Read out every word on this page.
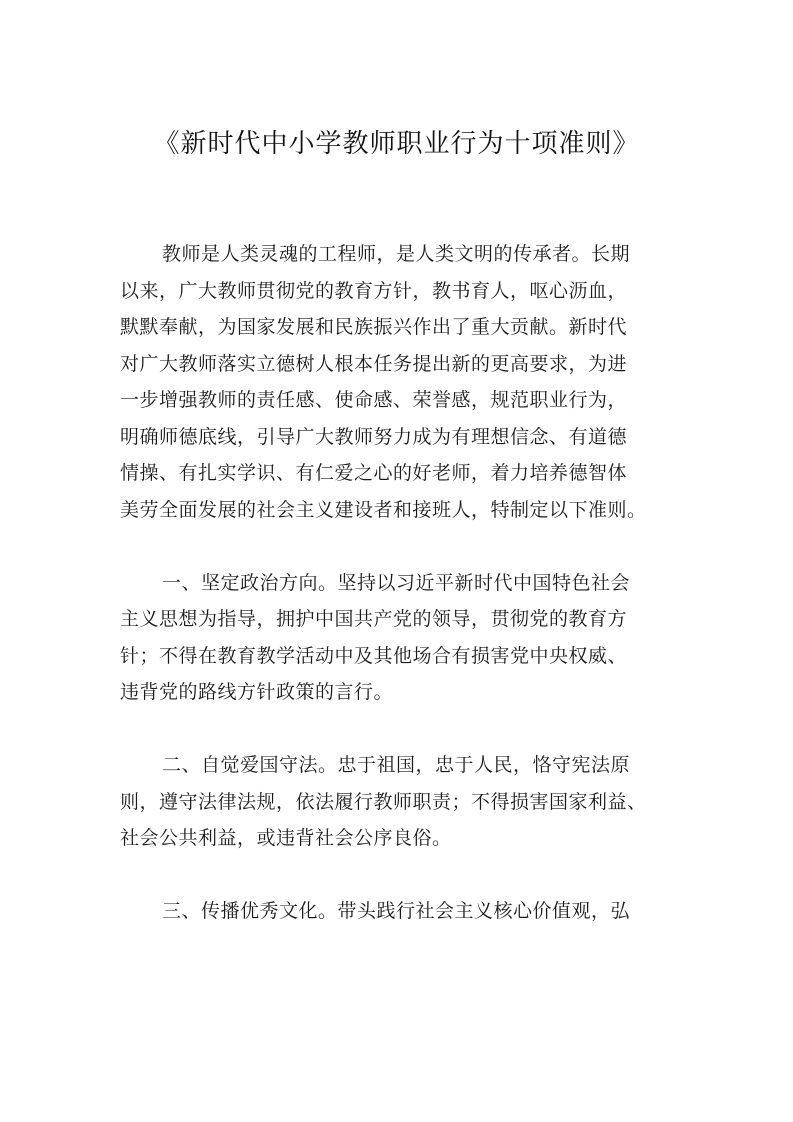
《新时代中小学教师职业行为十项准则》
教师是人类灵魂的工程师，是人类文明的传承者。长期
以来，广大教师贯彻党的教育方针，教书育人，呕心沥血，
默默奉献，为国家发展和民族振兴作出了重大贡献。新时代
对广大教师落实立德树人根本任务提出新的更高要求，为进
一步增强教师的责任感、使命感、荣誉感，规范职业行为，
明确师德底线，引导广大教师努力成为有理想信念、有道德
情操、有扎实学识、有仁爱之心的好老师，着力培养德智体
美劳全面发展的社会主义建设者和接班人，特制定以下准则。
一、坚定政治方向。坚持以习近平新时代中国特色社会
主义思想为指导，拥护中国共产党的领导，贯彻党的教育方
针；不得在教育教学活动中及其他场合有损害党中央权威、
违背党的路线方针政策的言行。
二、自觉爱国守法。忠于祖国，忠于人民，恪守宪法原
则，遵守法律法规，依法履行教师职责；不得损害国家利益、
社会公共利益，或违背社会公序良俗。
三、传播优秀文化。带头践行社会主义核心价值观，弘
